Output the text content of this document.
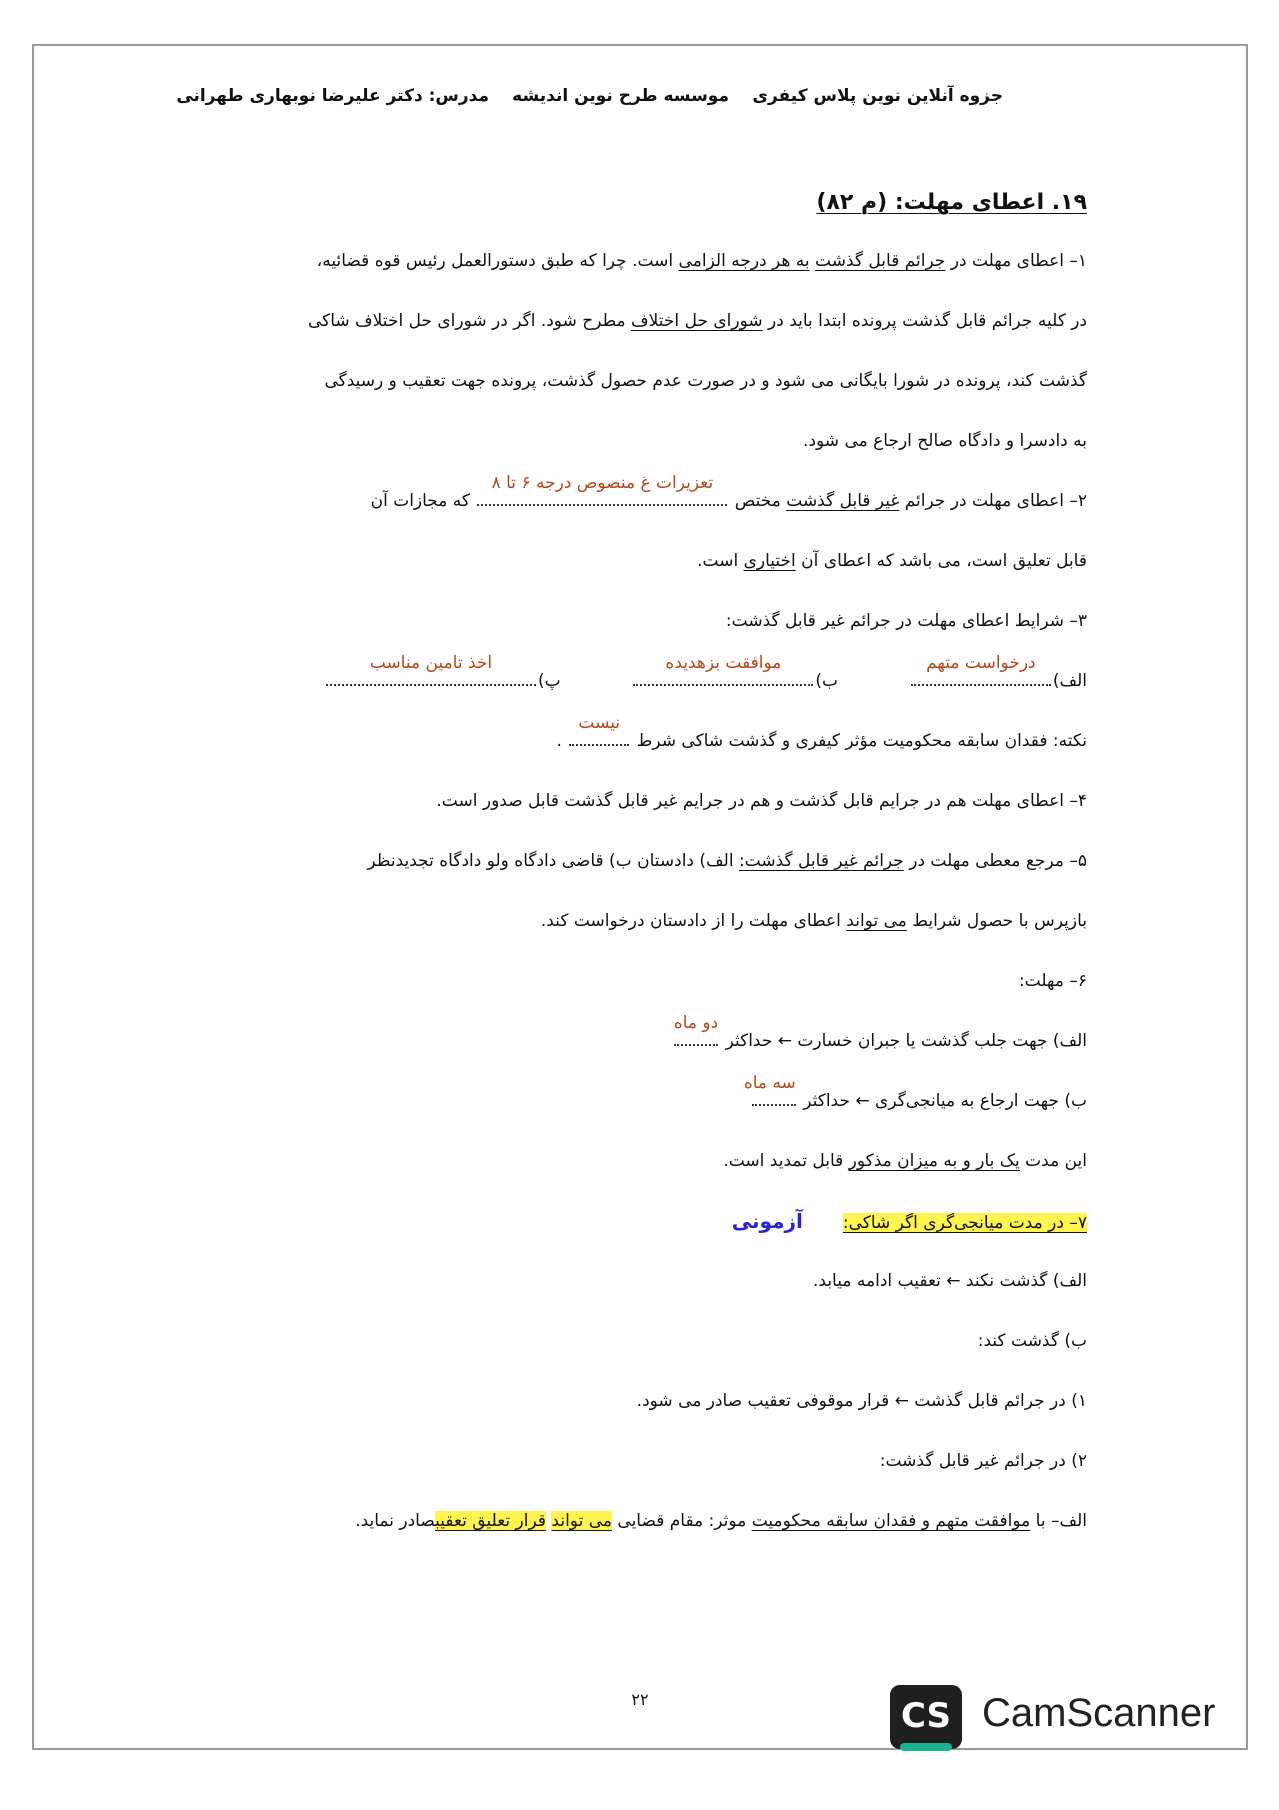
جزوه آنلاین نوین پلاس کیفری
موسسه طرح نوین اندیشه
مدرس: دکتر علیرضا نوبهاری طهرانی
۱۹. اعطای مهلت: (م ۸۲)
۱– اعطای مهلت در جرائم قابل گذشت به هر درجه الزامی است. چرا که طبق دستورالعمل رئیس قوه قضائیه،
در کلیه جرائم قابل گذشت پرونده ابتدا باید در شورای حل اختلاف مطرح شود. اگر در شورای حل اختلاف شاکی
گذشت کند، پرونده در شورا بایگانی می شود و در صورت عدم حصول گذشت، پرونده جهت تعقیب و رسیدگی
به دادسرا و دادگاه صالح ارجاع می شود.
۲– اعطای مهلت در جرائم غیر قابل گذشت مختص
تعزیرات غ منصوص درجه ۶ تا ۸
که مجازات آن
قابل تعلیق است، می باشد که اعطای آن اختیاری است.
۳– شرایط اعطای مهلت در جرائم غیر قابل گذشت:
الف)
درخواست متهم
ب)
موافقت بزهدیده
پ)
اخذ تامین مناسب
نکته: فقدان سابقه محکومیت مؤثر کیفری و گذشت شاکی شرط
نیست
.
۴– اعطای مهلت هم در جرایم قابل گذشت و هم در جرایم غیر قابل گذشت قابل صدور است.
۵– مرجع معطی مهلت در جرائم غیر قابل گذشت: الف) دادستان ب) قاضی دادگاه ولو دادگاه تجدیدنظر
بازپرس با حصول شرایط می تواند اعطای مهلت را از دادستان درخواست کند.
۶– مهلت:
الف) جهت جلب گذشت یا جبران خسارت ← حداکثر
دو ماه
ب) جهت ارجاع به میانجی‌گری ← حداکثر
سه ماه
این مدت یک بار و به میزان مذکور قابل تمدید است.
۷– در مدت میانجی‌گری اگر شاکی:آزمونی
الف) گذشت نکند ← تعقیب ادامه میابد.
ب) گذشت کند:
۱) در جرائم قابل گذشت ← قرار موقوفی تعقیب صادر می شود.
۲) در جرائم غیر قابل گذشت:
الف– با موافقت متهم و فقدان سابقه محکومیت موثر: مقام قضایی می تواند قرار تعلیق تعقیبصادر نماید.
۲۲	CS CamScanner
